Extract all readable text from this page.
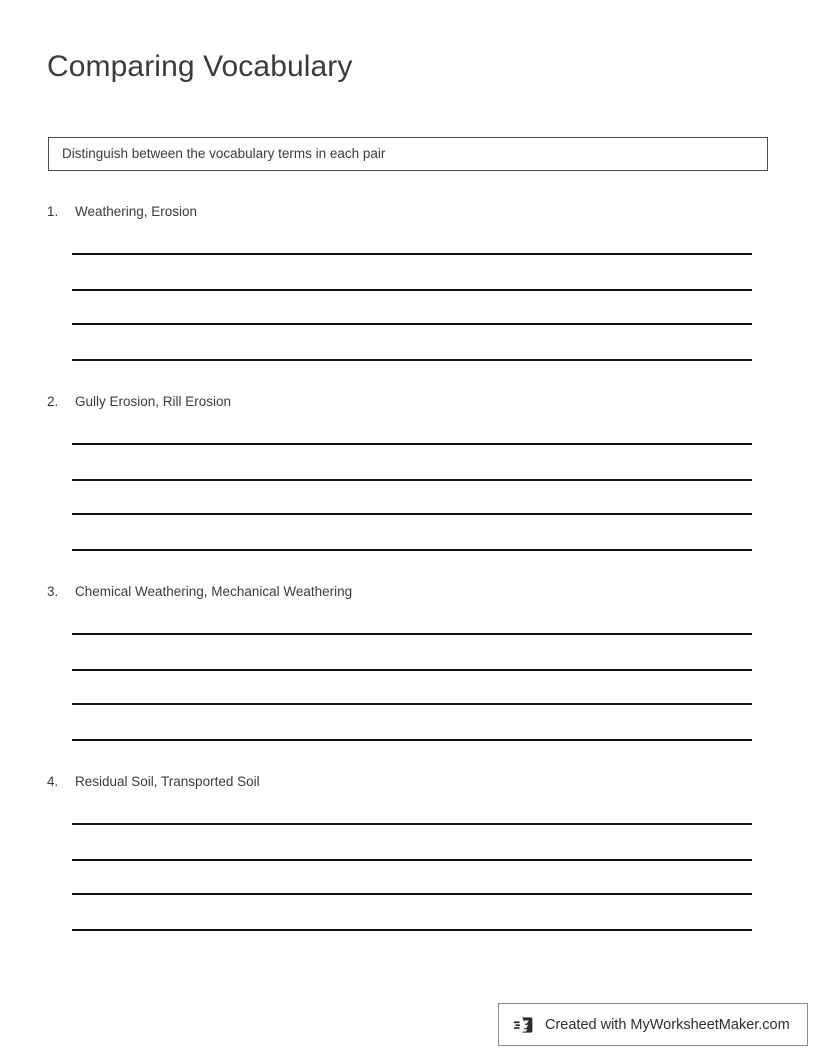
Comparing Vocabulary
Distinguish between the vocabulary terms in each pair
1.	Weathering, Erosion
2.	Gully Erosion, Rill Erosion
3.	Chemical Weathering, Mechanical Weathering
4.	Residual Soil, Transported Soil
Created with MyWorksheetMaker.com
